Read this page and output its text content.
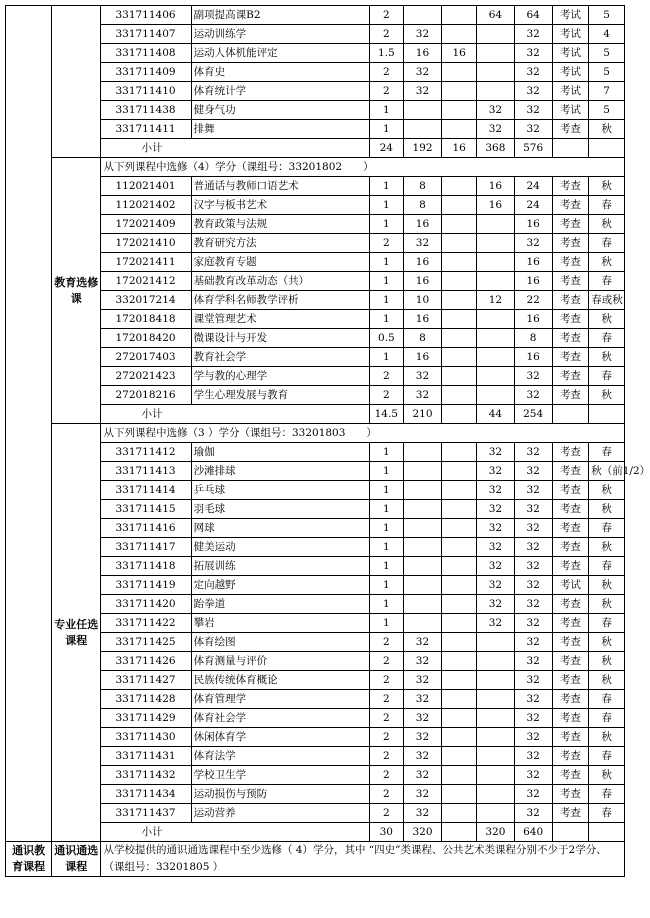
		331711406	副项提高课B2	2			64	64	考试	5
		331711407	运动训练学	2	32			32	考试	4
		331711408	运动人体机能评定	1.5	16	16		32	考试	5
		331711409	体育史	2	32			32	考试	5
		331711410	体育统计学	2	32			32	考试	7
		331711438	健身气功	1			32	32	考试	5
		331711411	排舞	1			32	32	考查	秋
		小计		24	192	16	368	576		
	教育选修课	从下列课程中选修（4）学分（课组号：33201802　　）								
		112021401	普通话与教师口语艺术	1	8		16	24	考查	秋
		112021402	汉字与板书艺术	1	8		16	24	考查	春
		172021409	教育政策与法规	1	16			16	考查	秋
		172021410	教育研究方法	2	32			32	考查	春
		172021411	家庭教育专题	1	16			16	考查	秋
		172021412	基础教育改革动态（共）	1	16			16	考查	春
		332017214	体育学科名师教学评析	1	10		12	22	考查	春或秋
		172018418	课堂管理艺术	1	16			16	考查	秋
		172018420	微课设计与开发	0.5	8			8	考查	春
		272017403	教育社会学	1	16			16	考查	秋
		272021423	学与教的心理学	2	32			32	考查	春
		272018216	学生心理发展与教育	2	32			32	考查	秋
		小计		14.5	210		44	254		
	专业任选课程	从下列课程中选修（3 ）学分（课组号：33201803　　）								
		331711412	瑜伽	1			32	32	考查	春
		331711413	沙滩排球	1			32	32	考查	秋（前1/2）
		331711414	乒乓球	1			32	32	考查	秋
		331711415	羽毛球	1			32	32	考查	秋
		331711416	网球	1			32	32	考查	春
		331711417	健美运动	1			32	32	考查	秋
		331711418	拓展训练	1			32	32	考查	春
		331711419	定向越野	1			32	32	考试	秋
		331711420	跆拳道	1			32	32	考查	秋
		331711422	攀岩	1			32	32	考查	春
		331711425	体育绘图	2	32			32	考查	秋
		331711426	体育测量与评价	2	32			32	考查	秋
		331711427	民族传统体育概论	2	32			32	考查	秋
		331711428	体育管理学	2	32			32	考查	春
		331711429	体育社会学	2	32			32	考查	春
		331711430	休闲体育学	2	32			32	考查	秋
		331711431	体育法学	2	32			32	考查	春
		331711432	学校卫生学	2	32			32	考查	秋
		331711434	运动损伤与预防	2	32			32	考查	春
		331711437	运动营养	2	32			32	考查	春
		小计		30	320		320	640		
通识教育课程	通识通选课程	从学校提供的通识通选课程中至少选修（ 4）学分，其中 “四史”类课程、公共艺术类课程分别不少于2学分、（课组号：33201805 ）								
